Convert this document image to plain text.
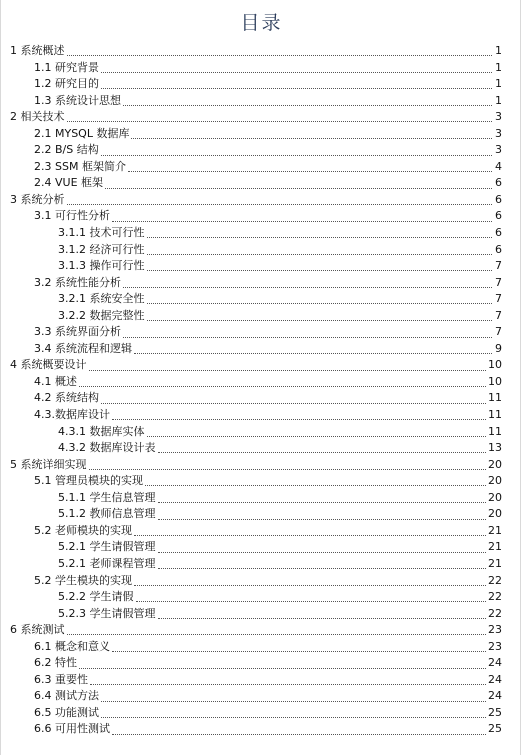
目录
1 系统概述	1
1.1 研究背景	1
1.2 研究目的	1
1.3 系统设计思想	1
2 相关技术	3
2.1 MYSQL 数据库	3
2.2 B/S 结构	3
2.3 SSM 框架简介	4
2.4 VUE 框架	6
3 系统分析	6
3.1 可行性分析	6
3.1.1 技术可行性	6
3.1.2 经济可行性	6
3.1.3 操作可行性	7
3.2 系统性能分析	7
3.2.1 系统安全性	7
3.2.2 数据完整性	7
3.3 系统界面分析	7
3.4 系统流程和逻辑	9
4 系统概要设计	10
4.1 概述	10
4.2 系统结构	11
4.3.数据库设计	11
4.3.1 数据库实体	11
4.3.2 数据库设计表	13
5 系统详细实现	20
5.1 管理员模块的实现	20
5.1.1 学生信息管理	20
5.1.2 教师信息管理	20
5.2 老师模块的实现	21
5.2.1 学生请假管理	21
5.2.1 老师课程管理	21
5.2 学生模块的实现	22
5.2.2 学生请假	22
5.2.3 学生请假管理	22
6 系统测试	23
6.1 概念和意义	23
6.2 特性	24
6.3 重要性	24
6.4 测试方法	24
6.5 功能测试	25
6.6 可用性测试	25
